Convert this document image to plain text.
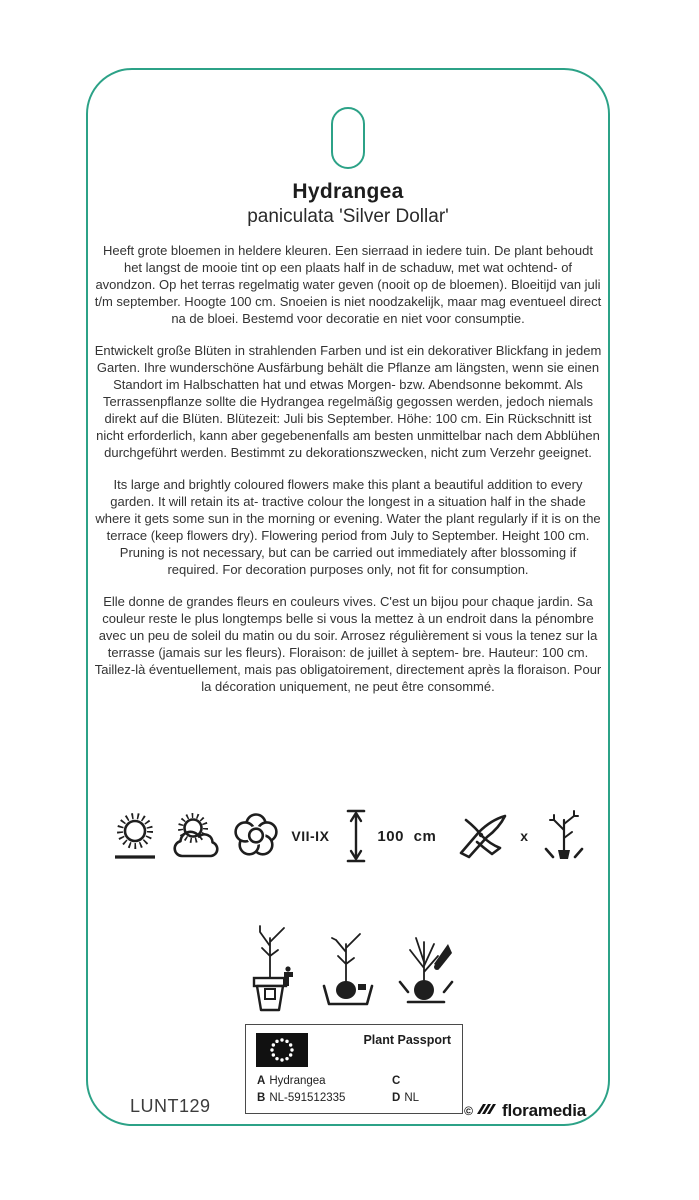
Hydrangea
paniculata 'Silver Dollar'

Heeft grote bloemen in heldere kleuren. Een sierraad in iedere tuin. De plant behoudt het langst de mooie tint op een plaats half in de schaduw, met wat ochtend- of avondzon. Op het terras regelmatig water geven (nooit op de bloemen). Bloeitijd van juli t/m september. Hoogte 100 cm. Snoeien is niet noodzakelijk, maar mag eventueel direct na de bloei. Bestemd voor decoratie en niet voor consumptie.

Entwickelt große Blüten in strahlenden Farben und ist ein dekorativer Blickfang in jedem Garten. Ihre wunderschöne Ausfärbung behält die Pflanze am längsten, wenn sie einen Standort im Halbschatten hat und etwas Morgen- bzw. Abendsonne bekommt. Als Terrassenpflanze sollte die Hydrangea regelmäßig gegossen werden, jedoch niemals direkt auf die Blüten. Blütezeit: Juli bis September. Höhe: 100 cm. Ein Rückschnitt ist nicht erforderlich, kann aber gegebenenfalls am besten unmittelbar nach dem Abblühen durchgeführt werden. Bestimmt zu dekorationszwecken, nicht zum Verzehr geeignet.

Its large and brightly coloured flowers make this plant a beautiful addition to every garden. It will retain its at- tractive colour the longest in a situation half in the shade where it gets some sun in the morning or evening. Water the plant regularly if it is on the terrace (keep flowers dry). Flowering period from July to September. Height 100 cm. Pruning is not necessary, but can be carried out immediately after blossoming if required. For decoration purposes only, not fit for consumption.

Elle donne de grandes fleurs en couleurs vives. C'est un bijou pour chaque jardin. Sa couleur reste le plus longtemps belle si vous la mettez à un endroit dans la pénombre avec un peu de soleil du matin ou du soir. Arrosez régulièrement si vous la tenez sur la terrasse (jamais sur les fleurs). Floraison: de juillet à septem- bre. Hauteur: 100 cm. Taillez-là éventuellement, mais pas obligatoirement, directement après la floraison. Pour la décoration uniquement, ne peut être consommé.

VII-IX	100 cm	x
Plant Passport
A Hydrangea
B NL-591512335
C
D NL
LUNT129	© floramedia
